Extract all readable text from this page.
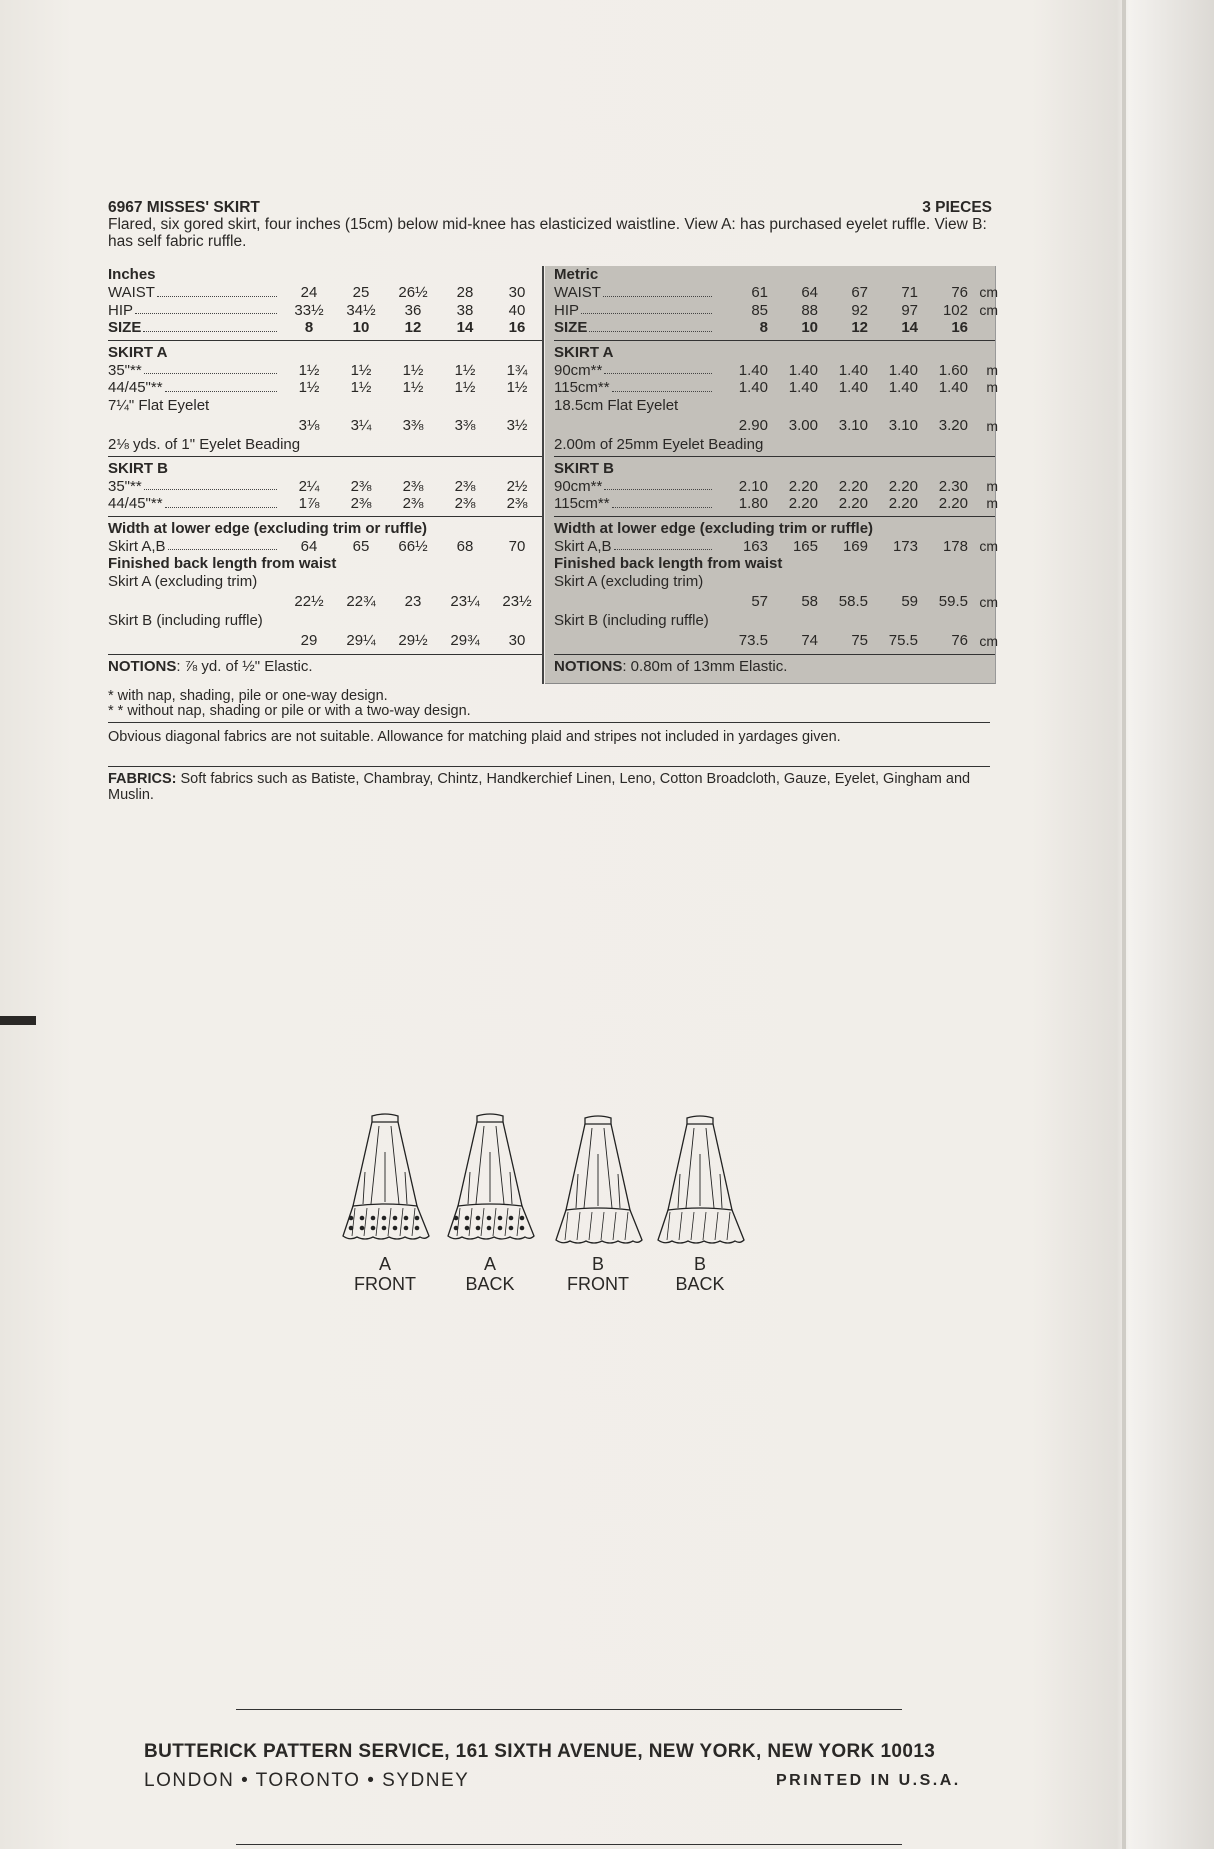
6967 MISSES' SKIRT	3 PIECES
Flared, six gored skirt, four inches (15cm) below mid-knee has elasticized waistline. View A: has purchased eyelet ruffle. View B: has self fabric ruffle.
Inches
WAIST	24	25	26½	28	30
HIP	33½	34½	36	38	40
SIZE	8	10	12	14	16
SKIRT A
35"**	1½	1½	1½	1½	1¾
44/45"**	1½	1½	1½	1½	1½
7¼" Flat Eyelet
3⅛	3¼	3⅜	3⅜	3½
2⅛ yds. of 1" Eyelet Beading
SKIRT B
35"**	2¼	2⅜	2⅜	2⅜	2½
44/45"**	1⅞	2⅜	2⅜	2⅜	2⅜
Width at lower edge (excluding trim or ruffle)
Skirt A,B	64	65	66½	68	70
Finished back length from waist
Skirt A (excluding trim)
22½	22¾	23	23¼	23½
Skirt B (including ruffle)
29	29¼	29½	29¾	30
NOTIONS: ⅞ yd. of ½" Elastic.
Metric
WAIST	61	64	67	71	76 cm
HIP	85	88	92	97	102 cm
SIZE	8	10	12	14	16
SKIRT A
90cm**	1.40	1.40	1.40	1.40	1.60	m
115cm**	1.40	1.40	1.40	1.40	1.40	m
18.5cm Flat Eyelet
2.90	3.00	3.10	3.10	3.20	m
2.00m of 25mm Eyelet Beading
SKIRT B
90cm**	2.10	2.20	2.20	2.20	2.30	m
115cm**	1.80	2.20	2.20	2.20	2.20	m
Width at lower edge (excluding trim or ruffle)
Skirt A,B	163	165	169	173	178 cm
Finished back length from waist
Skirt A (excluding trim)
57	58	58.5	59	59.5 cm
Skirt B (including ruffle)
73.5	74	75	75.5	76 cm
NOTIONS: 0.80m of 13mm Elastic.
* with nap, shading, pile or one-way design.
* * without nap, shading or pile or with a two-way design.
Obvious diagonal fabrics are not suitable. Allowance for matching plaid and stripes not included in yardages given.
FABRICS: Soft fabrics such as Batiste, Chambray, Chintz, Handkerchief Linen, Leno, Cotton Broadcloth, Gauze, Eyelet, Gingham and Muslin.
A
FRONT
A
BACK
B
FRONT
B
BACK
BUTTERICK PATTERN SERVICE, 161 SIXTH AVENUE, NEW YORK, NEW YORK 10013
LONDON • TORONTO • SYDNEY	PRINTED IN U.S.A.
